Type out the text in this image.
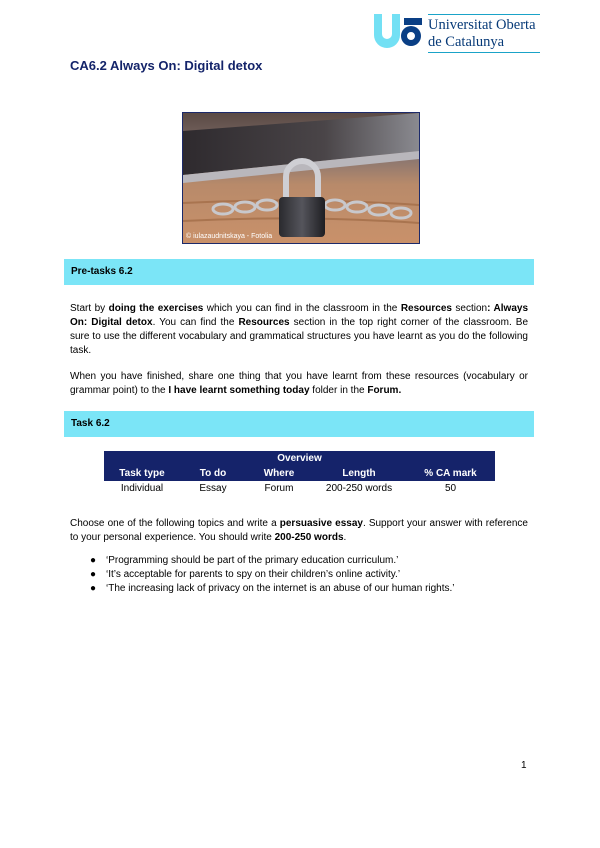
Universitat Oberta
de Catalunya
CA6.2 Always On: Digital detox
© iulazaudnitskaya - Fotolia
Pre-tasks 6.2
Start by doing the exercises which you can find in the classroom in the Resources section: Always On: Digital detox. You can find the Resources section in the top right corner of the classroom. Be sure to use the different vocabulary and grammatical structures you have learnt as you do the following task.
When you have finished, share one thing that you have learnt from these resources (vocabulary or grammar point) to the I have learnt something today folder in the Forum.
Task 6.2
Overview				
Task type	To do	Where	Length	% CA mark
Individual	Essay	Forum	200-250 words	50
Choose one of the following topics and write a persuasive essay. Support your answer with reference to your personal experience. You should write 200-250 words.
● ‘Programming should be part of the primary education curriculum.’
● ‘It’s acceptable for parents to spy on their children’s online activity.’
● ‘The increasing lack of privacy on the internet is an abuse of our human rights.’
1
